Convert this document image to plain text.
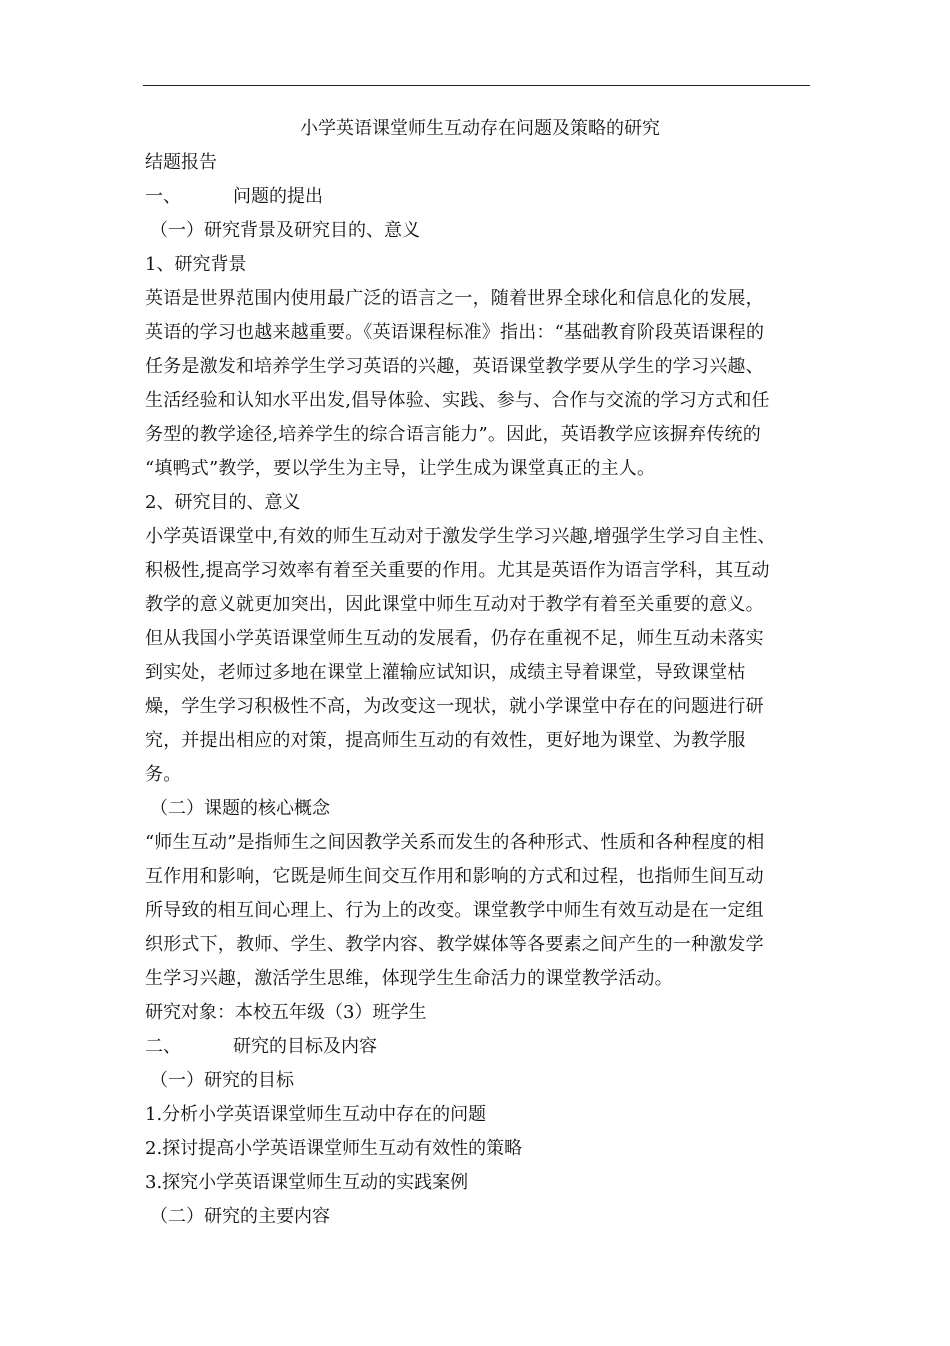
小学英语课堂师生互动存在问题及策略的研究
结题报告
一、	问题的提出
（一）研究背景及研究目的、意义
1、研究背景
英语是世界范围内使用最广泛的语言之一，随着世界全球化和信息化的发展，
英语的学习也越来越重要。《英语课程标准》指出：“基础教育阶段英语课程的
任务是激发和培养学生学习英语的兴趣，英语课堂教学要从学生的学习兴趣、
生活经验和认知水平出发,倡导体验、实践、参与、合作与交流的学习方式和任
务型的教学途径,培养学生的综合语言能力”。因此，英语教学应该摒弃传统的
“填鸭式”教学，要以学生为主导，让学生成为课堂真正的主人。
2、研究目的、意义
小学英语课堂中,有效的师生互动对于激发学生学习兴趣,增强学生学习自主性、
积极性,提高学习效率有着至关重要的作用。尤其是英语作为语言学科，其互动
教学的意义就更加突出，因此课堂中师生互动对于教学有着至关重要的意义。
但从我国小学英语课堂师生互动的发展看，仍存在重视不足，师生互动未落实
到实处，老师过多地在课堂上灌输应试知识，成绩主导着课堂，导致课堂枯
燥，学生学习积极性不高，为改变这一现状，就小学课堂中存在的问题进行研
究，并提出相应的对策，提高师生互动的有效性，更好地为课堂、为教学服
务。
（二）课题的核心概念
“师生互动”是指师生之间因教学关系而发生的各种形式、性质和各种程度的相
互作用和影响，它既是师生间交互作用和影响的方式和过程，也指师生间互动
所导致的相互间心理上、行为上的改变。课堂教学中师生有效互动是在一定组
织形式下，教师、学生、教学内容、教学媒体等各要素之间产生的一种激发学
生学习兴趣，激活学生思维，体现学生生命活力的课堂教学活动。
研究对象：本校五年级（3）班学生
二、	研究的目标及内容
（一）研究的目标
1.分析小学英语课堂师生互动中存在的问题
2.探讨提高小学英语课堂师生互动有效性的策略
3.探究小学英语课堂师生互动的实践案例
（二）研究的主要内容
